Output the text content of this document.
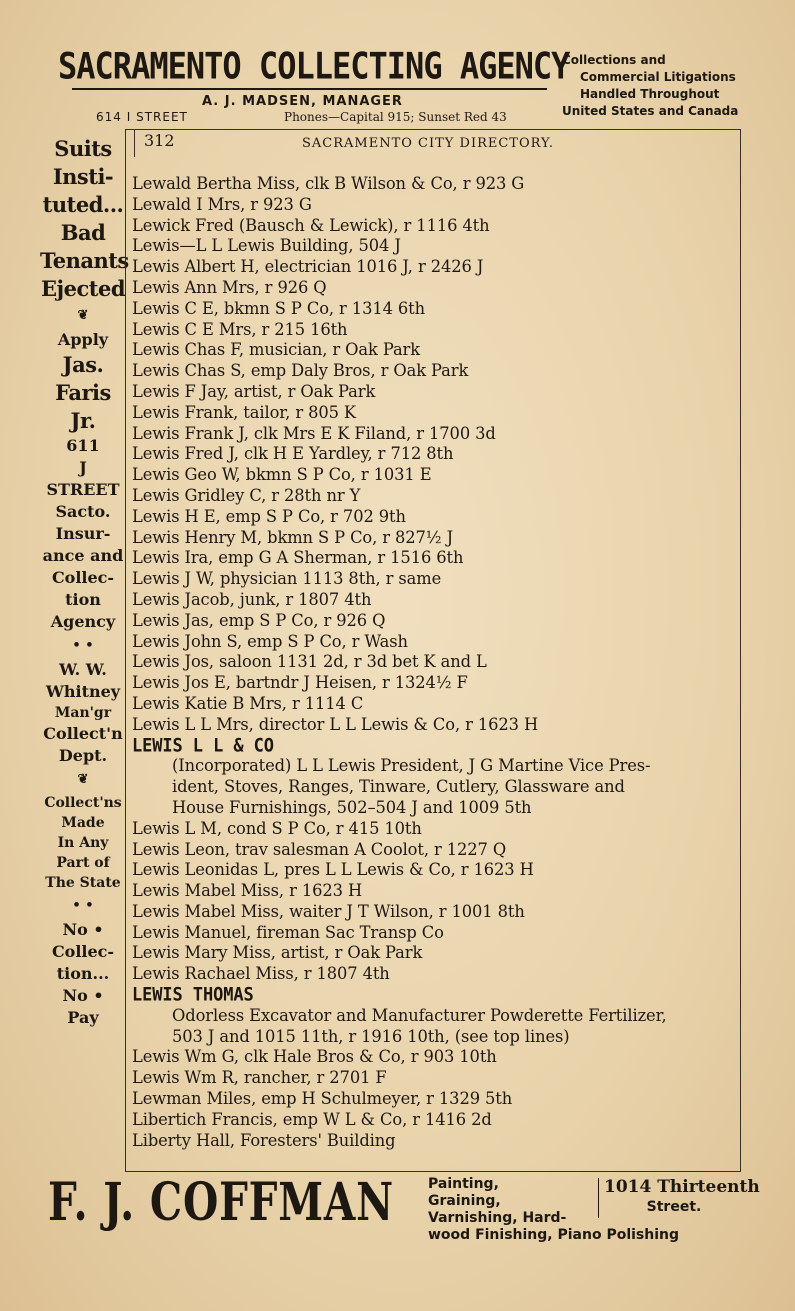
SACRAMENTO COLLECTING AGENCY
A. J. MADSEN, MANAGER
614 I STREET	Phones—Capital 915; Sunset Red 43
Collections and
Commercial Litigations
Handled Throughout
United States and Canada
Suits
Insti-
tuted...
Bad
Tenants
Ejected
❦
Apply
Jas.
Faris
Jr.
611
J STREET
Sacto.
Insur-
ance and
Collec-
tion
Agency
• •
W. W.
Whitney
Man'gr
Collect'n
Dept.
❦
Collect'ns
Made
In Any
Part of
The State
• •
No •
Collec-
tion...
No •
Pay
312	SACRAMENTO CITY DIRECTORY.
Lewald Bertha Miss, clk B Wilson & Co, r 923 G
Lewald I Mrs, r 923 G
Lewick Fred (Bausch & Lewick), r 1116 4th
Lewis—L L Lewis Building, 504 J
Lewis Albert H, electrician 1016 J, r 2426 J
Lewis Ann Mrs, r 926 Q
Lewis C E, bkmn S P Co, r 1314 6th
Lewis C E Mrs, r 215 16th
Lewis Chas F, musician, r Oak Park
Lewis Chas S, emp Daly Bros, r Oak Park
Lewis F Jay, artist, r Oak Park
Lewis Frank, tailor, r 805 K
Lewis Frank J, clk Mrs E K Filand, r 1700 3d
Lewis Fred J, clk H E Yardley, r 712 8th
Lewis Geo W, bkmn S P Co, r 1031 E
Lewis Gridley C, r 28th nr Y
Lewis H E, emp S P Co, r 702 9th
Lewis Henry M, bkmn S P Co, r 827½ J
Lewis Ira, emp G A Sherman, r 1516 6th
Lewis J W, physician 1113 8th, r same
Lewis Jacob, junk, r 1807 4th
Lewis Jas, emp S P Co, r 926 Q
Lewis John S, emp S P Co, r Wash
Lewis Jos, saloon 1131 2d, r 3d bet K and L
Lewis Jos E, bartndr J Heisen, r 1324½ F
Lewis Katie B Mrs, r 1114 C
Lewis L L Mrs, director L L Lewis & Co, r 1623 H
LEWIS L L & CO
(Incorporated) L L Lewis President, J G Martine Vice Pres-
ident, Stoves, Ranges, Tinware, Cutlery, Glassware and
House Furnishings, 502–504 J and 1009 5th
Lewis L M, cond S P Co, r 415 10th
Lewis Leon, trav salesman A Coolot, r 1227 Q
Lewis Leonidas L, pres L L Lewis & Co, r 1623 H
Lewis Mabel Miss, r 1623 H
Lewis Mabel Miss, waiter J T Wilson, r 1001 8th
Lewis Manuel, fireman Sac Transp Co
Lewis Mary Miss, artist, r Oak Park
Lewis Rachael Miss, r 1807 4th
LEWIS THOMAS
Odorless Excavator and Manufacturer Powderette Fertilizer,
503 J and 1015 11th, r 1916 10th, (see top lines)
Lewis Wm G, clk Hale Bros & Co, r 903 10th
Lewis Wm R, rancher, r 2701 F
Lewman Miles, emp H Schulmeyer, r 1329 5th
Libertich Francis, emp W L & Co, r 1416 2d
Liberty Hall, Foresters' Building
F. J. COFFMAN Painting,
Graining,
Varnishing, Hard-
wood Finishing, Piano Polishing
1014 Thirteenth
Street.
